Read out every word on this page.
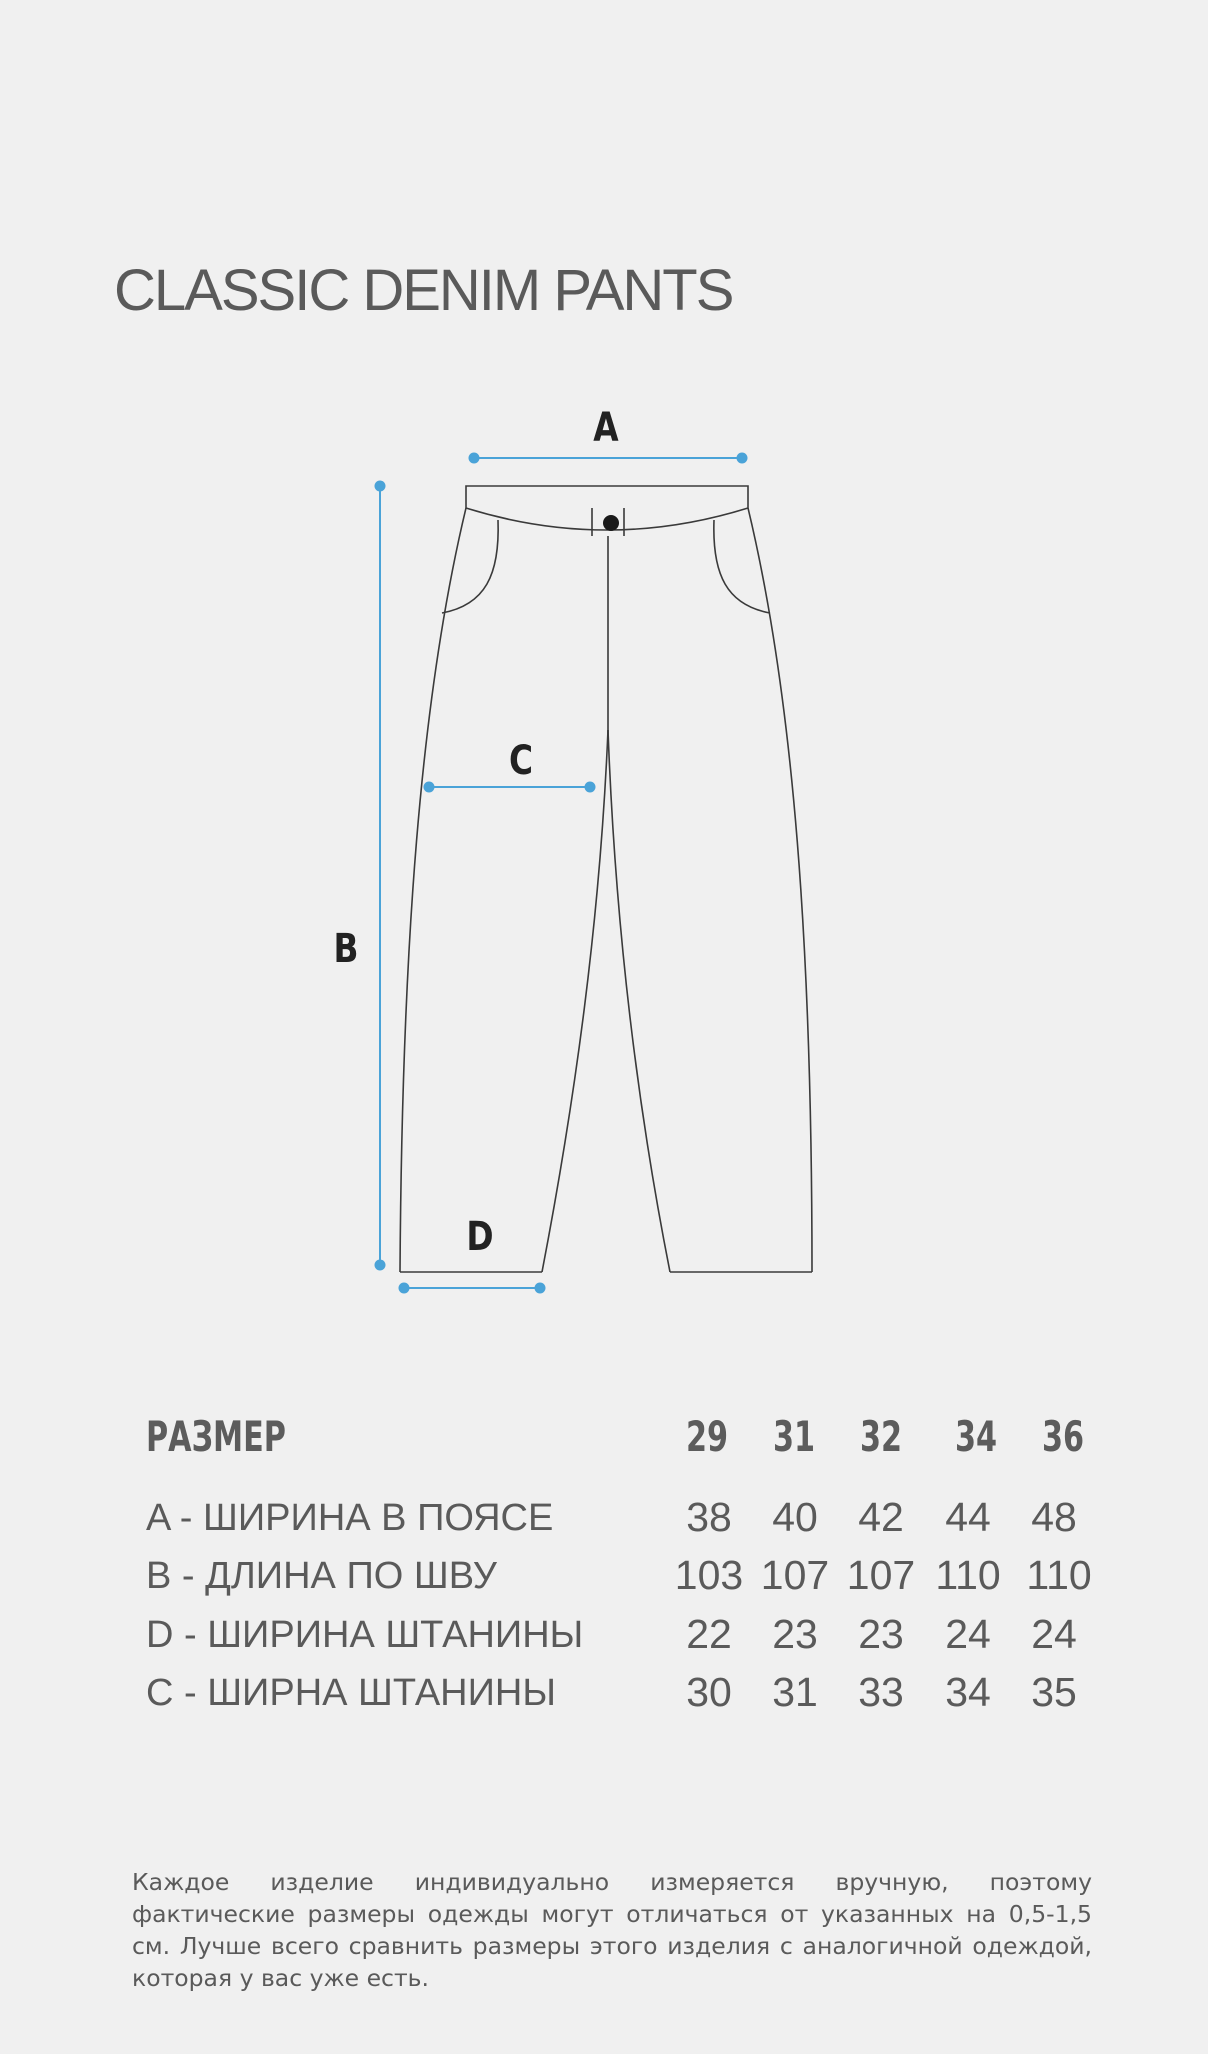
CLASSIC DENIM PANTS
A
B
C
D
РАЗМЕР	29 31 32 34 36
A - ШИРИНА В ПОЯСЕ	38 40 42	44 48
B - ДЛИНА ПО ШВУ	103 107 107 110 110
D - ШИРИНА ШТАНИНЫ	22 23 23	24 24
C - ШИРНА ШТАНИНЫ	30 31 33	34 35
Каждое изделие индивидуально измеряется вручную, поэтому фактические размеры одежды могут отличаться от указанных на 0,5-1,5 см. Лучше всего сравнить размеры этого изделия с аналогичной одеждой, которая у вас уже есть.
